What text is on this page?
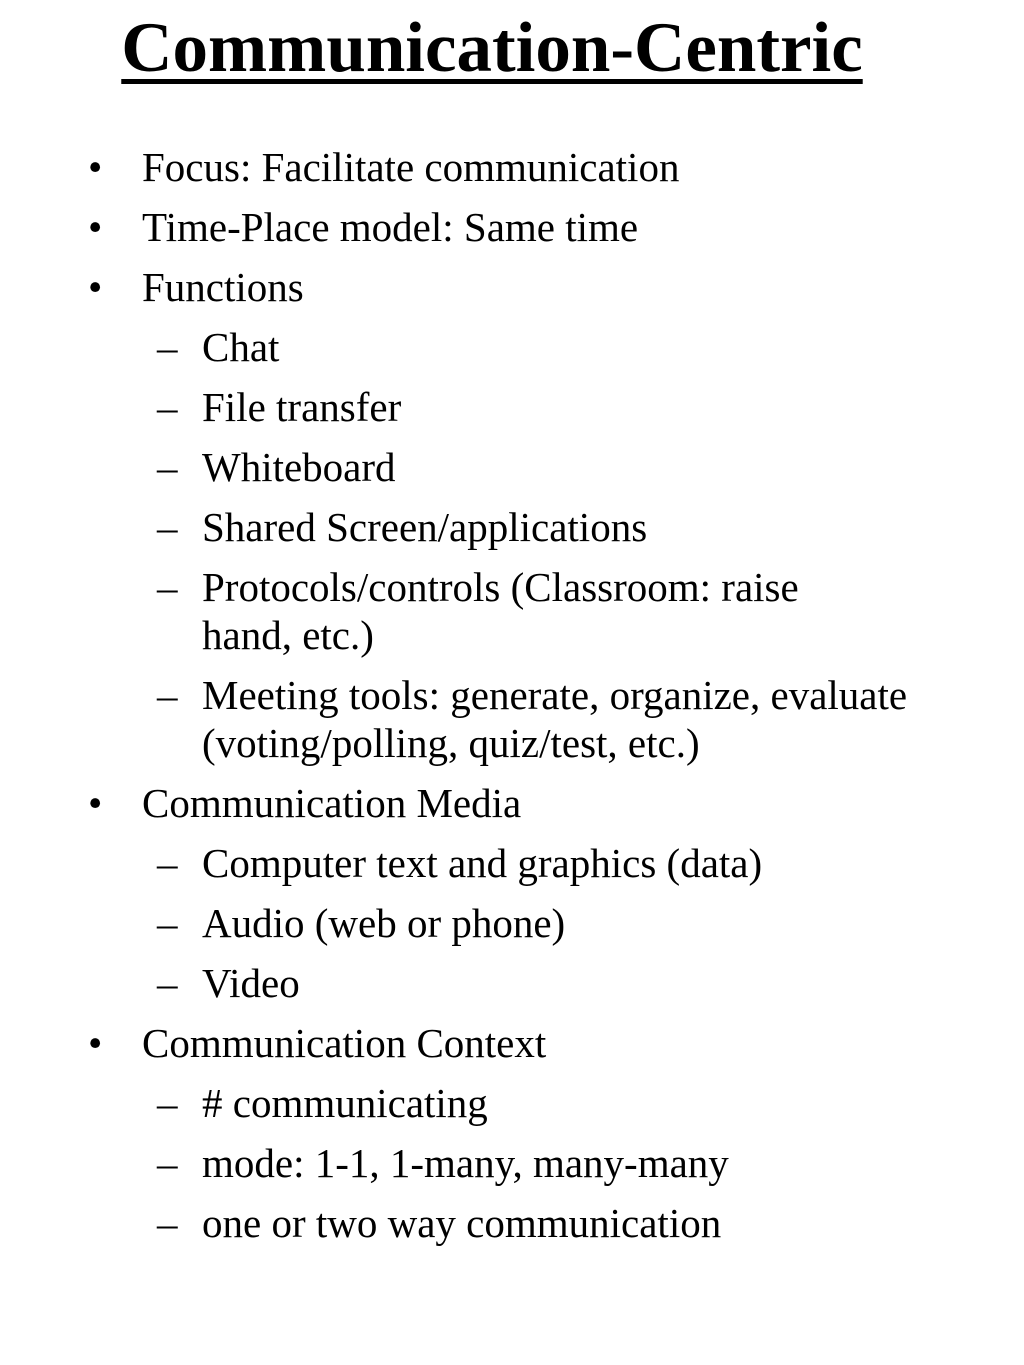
Communication-Centric
• Focus: Facilitate communication
• Time-Place model: Same time
• Functions
– Chat
– File transfer
– Whiteboard
– Shared Screen/applications
– Protocols/controls (Classroom: raise hand, etc.)
– Meeting tools: generate, organize, evaluate (voting/polling, quiz/test, etc.)
• Communication Media
– Computer text and graphics (data)
– Audio (web or phone)
– Video
• Communication Context
– # communicating
– mode: 1-1, 1-many, many-many
– one or two way communication
